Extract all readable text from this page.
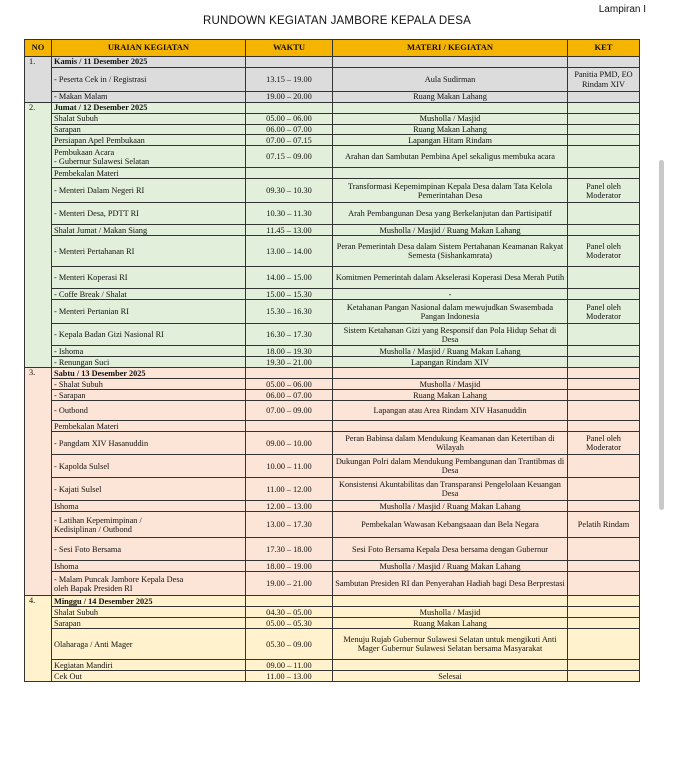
Lampiran I
RUNDOWN KEGIATAN JAMBORE KEPALA DESA
NO	URAIAN KEGIATAN	WAKTU	MATERI / KEGIATAN	KET
1.	Kamis / 11 Desember 2025			
	- Peserta Cek in / Registrasi	13.15 – 19.00	Aula Sudirman	Panitia PMD, EO Rindam XIV
	- Makan Malam	19.00 – 20.00	Ruang Makan Lahang	
2.	Jumat / 12 Desember 2025			
	Shalat Subuh	05.00 – 06.00	Musholla / Masjid	
	Sarapan	06.00 – 07.00	Ruang Makan Lahang	
	Persiapan Apel Pembukaan	07.00 – 07.15	Lapangan Hitam Rindam	
	Pembukaan Acara
- Gubernur Sulawesi Selatan	07.15 – 09.00	Arahan dan Sambutan Pembina Apel sekaligus membuka acara	
	Pembekalan Materi			
	- Menteri Dalam Negeri RI	09.30 – 10.30	Transformasi Kepemimpinan Kepala Desa dalam Tata Kelola Pemerintahan Desa	Panel oleh Moderator
	- Menteri Desa, PDTT RI	10.30 – 11.30	Arah Pembangunan Desa yang Berkelanjutan dan Partisipatif	
	Shalat Jumat / Makan Siang	11.45 – 13.00	Musholla / Masjid / Ruang Makan Lahang	
	- Menteri Pertahanan RI	13.00 – 14.00	Peran Pemerintah Desa dalam Sistem Pertahanan Keamanan Rakyat Semesta (Sishankamrata)	Panel oleh Moderator
	- Menteri Koperasi RI	14.00 – 15.00	Komitmen Pemerintah dalam Akselerasi Koperasi Desa Merah Putih	
	- Coffe Break / Shalat	15.00 – 15.30	-	
	- Menteri Pertanian RI	15.30 – 16.30	Ketahanan Pangan Nasional dalam mewujudkan Swasembada Pangan Indonesia	Panel oleh Moderator
	- Kepala Badan Gizi Nasional RI	16.30 – 17.30	Sistem Ketahanan Gizi yang Responsif dan Pola Hidup Sehat di Desa	
	- Ishoma	18.00 – 19.30	Musholla / Masjid / Ruang Makan Lahang	
	- Renungan Suci	19.30 – 21.00	Lapangan Rindam XIV	
3.	Sabtu / 13 Desember 2025			
	- Shalat Subuh	05.00 – 06.00	Musholla / Masjid	
	- Sarapan	06.00 – 07.00	Ruang Makan Lahang	
	- Outbond	07.00 – 09.00	Lapangan atau Area Rindam XIV Hasanuddin	
	Pembekalan Materi			
	- Pangdam XIV Hasanuddin	09.00 – 10.00	Peran Babinsa dalam Mendukung Keamanan dan Ketertiban di Wilayah	Panel oleh Moderator
	- Kapolda Sulsel	10.00 – 11.00	Dukungan Polri dalam Mendukung Pembangunan dan Trantibmas di Desa	
	- Kajati Sulsel	11.00 – 12.00	Konsistensi Akuntabilitas dan Transparansi Pengelolaan Keuangan Desa	
	Ishoma	12.00 – 13.00	Musholla / Masjid / Ruang Makan Lahang	
	- Latihan Kepemimpinan /
Kedisiplinan / Outbond	13.00 – 17.30	Pembekalan Wawasan Kebangsaaan dan Bela Negara	Pelatih Rindam
	- Sesi Foto Bersama	17.30 – 18.00	Sesi Foto Bersama Kepala Desa bersama dengan Gubernur	
	Ishoma	18.00 – 19.00	Musholla / Masjid / Ruang Makan Lahang	
	- Malam Puncak Jambore Kepala Desa
oleh Bapak Presiden RI	19.00 – 21.00	Sambutan Presiden RI dan Penyerahan Hadiah bagi Desa Berprestasi	
4.	Minggu / 14 Desember 2025			
	Shalat Subuh	04.30 – 05.00	Musholla / Masjid	
	Sarapan	05.00 – 05.30	Ruang Makan Lahang	
	Olaharaga / Anti Mager	05.30 – 09.00	Menuju Rujab Gubernur Sulawesi Selatan untuk mengikuti Anti Mager Gubernur Sulawesi Selatan bersama Masyarakat	
	Kegiatan Mandiri	09.00 – 11.00		
	Cek Out	11.00 – 13.00	Selesai	
